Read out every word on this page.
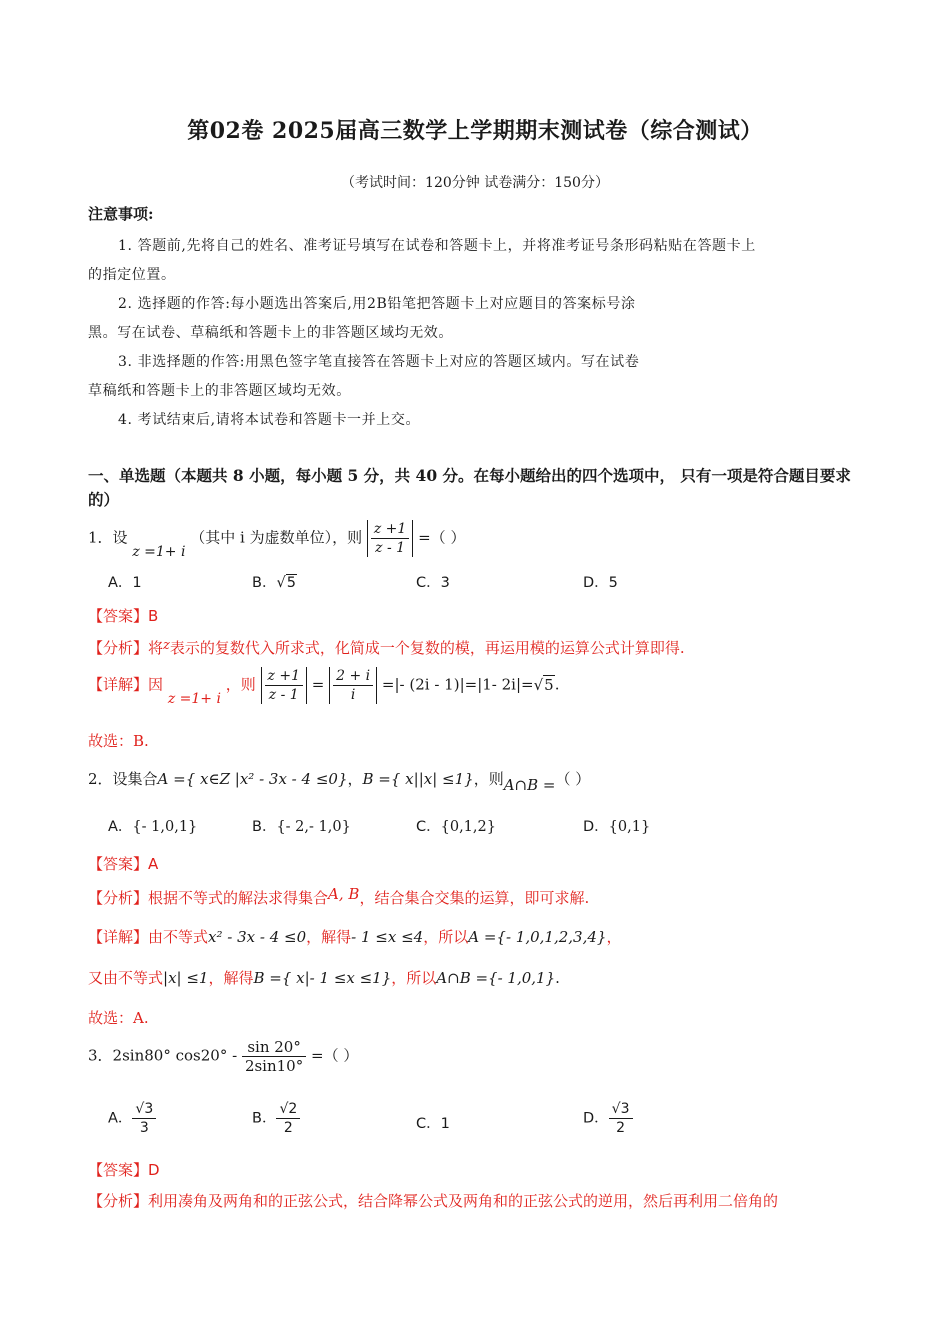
第02卷 2025届高三数学上学期期末测试卷（综合测试）
（考试时间：120分钟 试卷满分：150分）
注意事项:
1. 答题前,先将自己的姓名、准考证号填写在试卷和答题卡上，并将准考证号条形码粘贴在答题卡上
的指定位置。
2. 选择题的作答:每小题选出答案后,用2B铅笔把答题卡上对应题目的答案标号涂
黑。写在试卷、草稿纸和答题卡上的非答题区域均无效。
3. 非选择题的作答:用黑色签字笔直接答在答题卡上对应的答题区域内。写在试卷
草稿纸和答题卡上的非答题区域均无效。
4. 考试结束后,请将本试卷和答题卡一并上交。
一、单选题（本题共 8 小题，每小题 5 分，共 40 分。在每小题给出的四个选项中， 只有一项是符合题目要求的）
1．设 z =1+ i （其中 i 为虚数单位），则 $\frac{z +1}{z - 1}$ =（ ）
A．1	B．√5	C．3	D．5
【答案】B
【分析】将z表示的复数代入所求式，化简成一个复数的模，再运用模的运算公式计算即得.
【详解】因 z =1+ i ，则 $\frac{z +1}{z - 1} = \frac{2 + i}{i}$ =|- (2i - 1)|=|1- 2i|=√5.
故选：B.
2．设集合A ={ x∈Z |x² - 3x - 4 ≤0}，B ={ x||x| ≤1}，则A∩B =（ ）
A．{- 1,0,1}	B．{- 2,- 1,0}	C．{0,1,2}	D．{0,1}
【答案】A
【分析】根据不等式的解法求得集合A, B，结合集合交集的运算，即可求解.
【详解】由不等式x² - 3x - 4 ≤0，解得- 1 ≤x ≤4，所以A ={- 1,0,1,2,3,4}，
又由不等式|x| ≤1，解得B ={ x|- 1 ≤x ≤1}，所以A∩B ={- 1,0,1}.
故选：A.
3．2sin80° $\cos 20^\circ - \frac{\sin 20^\circ}{2\sin 10^\circ}$ =（ ）
A． $\frac{√3}{3}$	B． $\frac{√2}{2}$	C．1	D． $\frac{√3}{2}$
【答案】D
【分析】利用凑角及两角和的正弦公式，结合降幂公式及两角和的正弦公式的逆用，然后再利用二倍角的
